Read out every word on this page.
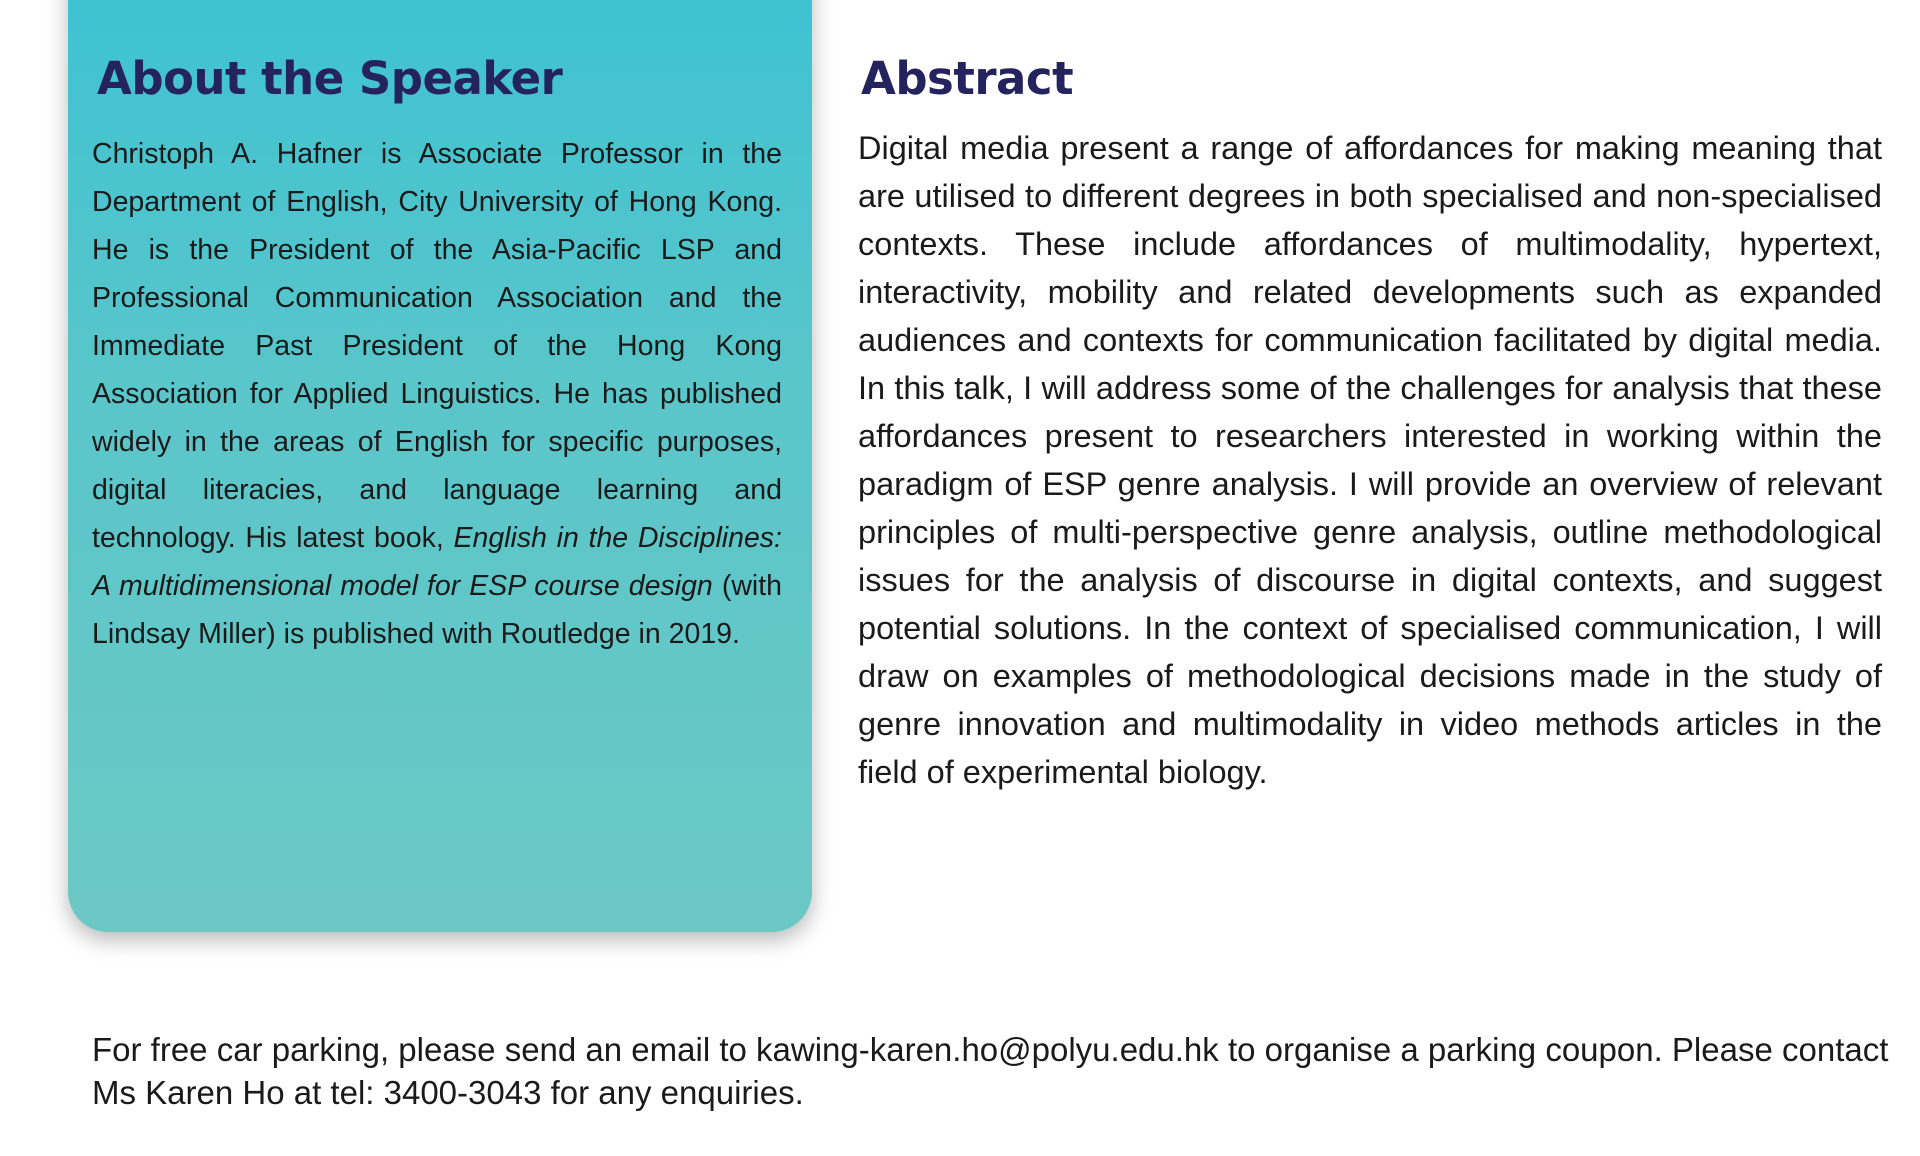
About the Speaker

Christoph A. Hafner is Associate Professor in the Department of English, City University of Hong Kong. He is the President of the Asia-Pacific LSP and Professional Communication Association and the Immediate Past President of the Hong Kong Association for Applied Linguistics. He has published widely in the areas of English for specific purposes, digital literacies, and language learning and technology. His latest book, English in the Disciplines: A multidimensional model for ESP course design (with Lindsay Miller) is published with Routledge in 2019.

Abstract

Digital media present a range of affordances for making meaning that are utilised to different degrees in both specialised and non-specialised contexts. These include affordances of multimodality, hypertext, interactivity, mobility and related developments such as expanded audiences and contexts for communication facilitated by digital media. In this talk, I will address some of the challenges for analysis that these affordances present to researchers interested in working within the paradigm of ESP genre analysis. I will provide an overview of relevant principles of multi-perspective genre analysis, outline methodological issues for the analysis of discourse in digital contexts, and suggest potential solutions. In the context of specialised communication, I will draw on examples of methodological decisions made in the study of genre innovation and multimodality in video methods articles in the field of experimental biology.

For free car parking, please send an email to kawing-karen.ho@polyu.edu.hk to organise a parking coupon. Please contact Ms Karen Ho at tel: 3400-3043 for any enquiries.
